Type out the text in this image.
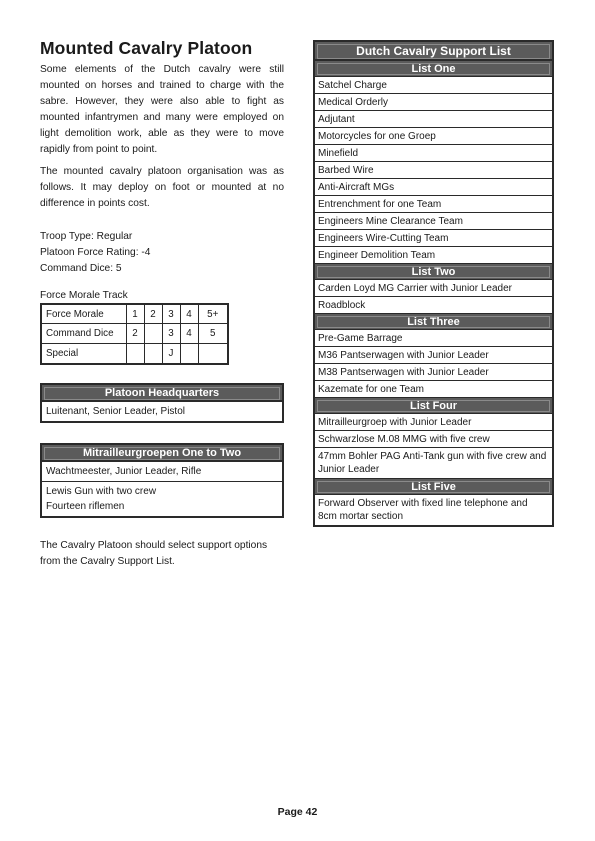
Mounted Cavalry Platoon

Some elements of the Dutch cavalry were still mounted on horses and trained to charge with the sabre. However, they were also able to fight as mounted infantrymen and many were employed on light demolition work, able as they were to move rapidly from point to point.

The mounted cavalry platoon organisation was as follows. It may deploy on foot or mounted at no difference in points cost.

Troop Type: Regular
Platoon Force Rating: -4
Command Dice: 5
Force Morale Track
Force Morale	1	2	3	4	5+
Command Dice	2		3	4	5
Special			J		
Platoon Headquarters
Luitenant, Senior Leader, Pistol
Mitrailleurgroepen One to Two
Wachtmeester, Junior Leader, Rifle
Lewis Gun with two crew
Fourteen riflemen

The Cavalry Platoon should select support options from the Cavalry Support List.

Dutch Cavalry Support List
List One
Satchel Charge
Medical Orderly
Adjutant
Motorcycles for one Groep
Minefield
Barbed Wire
Anti-Aircraft MGs
Entrenchment for one Team
Engineers Mine Clearance Team
Engineers Wire-Cutting Team
Engineer Demolition Team
List Two
Carden Loyd MG Carrier with Junior Leader
Roadblock
List Three
Pre-Game Barrage
M36 Pantserwagen with Junior Leader
M38 Pantserwagen with Junior Leader
Kazemate for one Team
List Four
Mitrailleurgroep with Junior Leader
Schwarzlose M.08 MMG with five crew
47mm Bohler PAG Anti-Tank gun with five crew and Junior Leader
List Five
Forward Observer with fixed line telephone and 8cm mortar section
Page 42
